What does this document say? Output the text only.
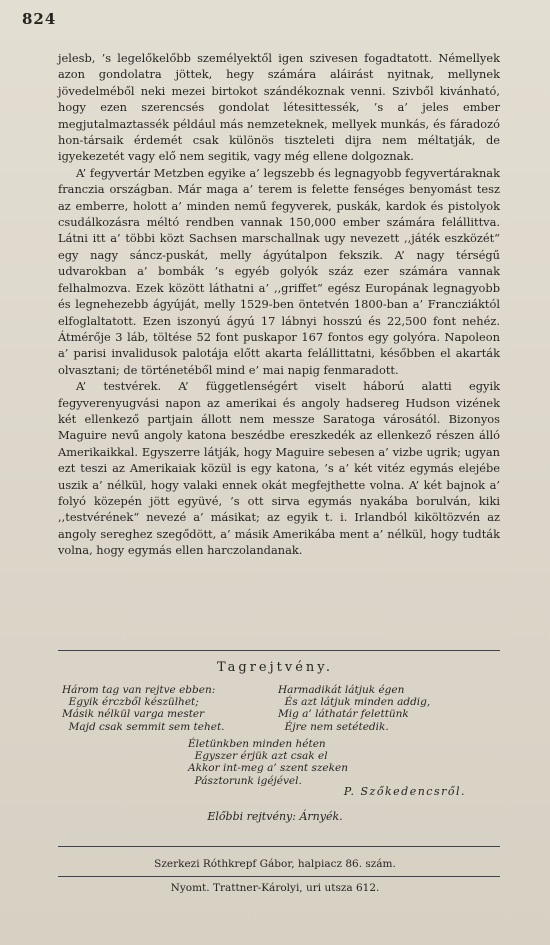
824

jelesb, ’s legelőkelőbb személyektől igen szivesen fogadtatott. Némellyek azon gondolatra jöttek, hegy számára aláirást nyitnak, mellynek jövedelméből neki mezei birtokot szándékoznak venni. Szivből kivánható, hogy ezen szerencsés gondolat létesittessék, ’s a’ jeles ember megjutalmaztassék például más nemzeteknek, mellyek munkás, és fáradozó hon-társaik érdemét csak különös tiszteleti dijra nem méltatják, de igyekezetét vagy elő nem segitik, vagy még ellene dolgoznak.

A’ fegyvertár Metzben egyike a’ legszebb és legnagyobb fegyvertáraknak franczia országban. Már maga a’ terem is felette fenséges benyomást tesz az emberre, holott a’ minden nemű fegyverek, puskák, kardok és pistolyok csudálkozásra méltó rendben vannak 150,000 ember számára felállittva. Látni itt a’ többi közt Sachsen marschallnak ugy nevezett ,,játék eszközét“ egy nagy sáncz-puskát, melly ágyútalpon fekszik. A’ nagy térségű udvarokban a’ bombák ’s egyéb golyók száz ezer számára vannak felhalmozva. Ezek között láthatni a’ ,,griffet“ egész Europának legnagyobb és legnehezebb ágyúját, melly 1529-ben öntetvén 1800-ban a’ Francziáktól elfoglaltatott. Ezen iszonyú ágyú 17 lábnyi hosszú és 22,500 font nehéz. Átmérője 3 láb, töltése 52 font puskapor 167 fontos egy golyóra. Napoleon a’ parisi invalidusok palotája előtt akarta felállittatni, későbben el akarták olvasztani; de történetéből mind e’ mai napig fenmaradott.

A’ testvérek. A’ függetlenségért viselt háború alatti egyik fegyverenyugvási napon az amerikai és angoly hadsereg Hudson vizének két ellenkező partjain állott nem messze Saratoga városától. Bizonyos Maguire nevű angoly katona beszédbe ereszkedék az ellenkező részen álló Amerikaikkal. Egyszerre látják, hogy Maguire sebesen a’ vizbe ugrik; ugyan ezt teszi az Amerikaiak közül is egy katona, ’s a’ két vitéz egymás elejébe uszik a’ nélkül, hogy valaki ennek okát megfejthette volna. A’ két bajnok a’ folyó közepén jött együvé, ’s ott sirva egymás nyakába borulván, kiki ,,testvérének“ nevezé a’ másikat; az egyik t. i. Irlandból kiköltözvén az angoly sereghez szegődött, a’ másik Amerikába ment a’ nélkül, hogy tudták volna, hogy egymás ellen harczolandanak.

Tagrejtvény.
Három tag van rejtve ebben:
Egyik érczből készülhet;
Másik nélkül varga mester
Majd csak semmit sem tehet.
Harmadikát látjuk égen
És azt látjuk minden addig,
Mig a’ láthatár felettünk
Éjre nem setétedik.
Életünkben minden héten
Egyszer érjük azt csak el
Akkor int-meg a’ szent szeken
Pásztorunk igéjével.
P. Szőkedencsről.
Előbbi rejtvény: Árnyék.
Szerkezi Róthkrepf Gábor, halpiacz 86. szám.
Nyomt. Trattner-Károlyi, uri utsza 612.
